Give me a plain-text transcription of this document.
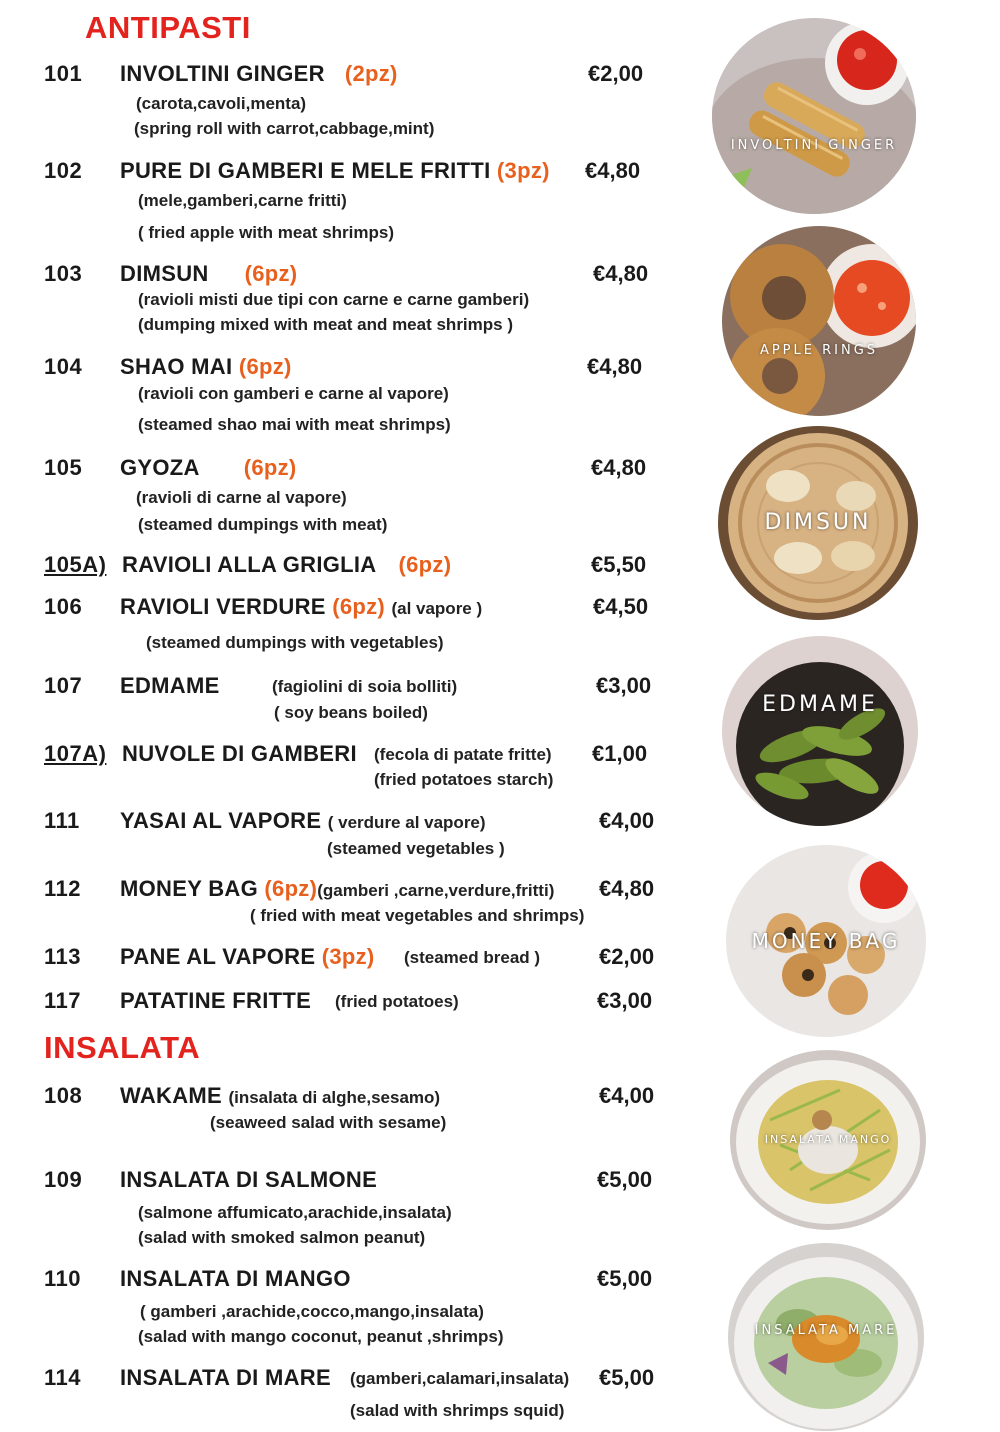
ANTIPASTI
101 INVOLTINI GINGER (2pz)	€2,00
(carota,cavoli,menta)
(spring roll with carrot,cabbage,mint)
102 PURE DI GAMBERI E MELE FRITTI (3pz) €4,80
(mele,gamberi,carne fritti)
( fried apple with meat shrimps)
103 DIMSUN (6pz)	€4,80
(ravioli misti due tipi con carne e carne gamberi)
(dumping mixed with meat and meat shrimps )
104 SHAO MAI (6pz)	€4,80
(ravioli con gamberi e carne al vapore)
(steamed shao mai with meat shrimps)
105 GYOZA (6pz)	€4,80
(ravioli di carne al vapore)
(steamed dumpings with meat)
105A) RAVIOLI ALLA GRIGLIA (6pz)	€5,50
106 RAVIOLI VERDURE (6pz) (al vapore )	€4,50
(steamed dumpings with vegetables)
107 EDMAME	(fagiolini di soia bolliti)	€3,00
( soy beans boiled)
107A) NUVOLE DI GAMBERI (fecola di patate fritte) €1,00
(fried potatoes starch)
111 YASAI AL VAPORE ( verdure al vapore)	€4,00
(steamed vegetables )
112 MONEY BAG (6pz)(gamberi ,carne,verdure,fritti) €4,80
( fried with meat vegetables and shrimps)
113 PANE AL VAPORE (3pz) (steamed bread )	€2,00
117 PATATINE FRITTE (fried potatoes)	€3,00
INSALATA
108 WAKAME (insalata di alghe,sesamo)	€4,00
(seaweed salad with sesame)
109 INSALATA DI SALMONE	€5,00
(salmone affumicato,arachide,insalata)
(salad with smoked salmon peanut)
110 INSALATA DI MANGO	€5,00
( gamberi ,arachide,cocco,mango,insalata)
(salad with mango coconut, peanut ,shrimps)
114 INSALATA DI MARE (gamberi,calamari,insalata) €5,00
(salad with shrimps squid)
INVOLTINI GINGER
APPLE RINGS
DIMSUN
EDMAME
MONEY BAG
INSALATA MANGO
INSALATA MARE
